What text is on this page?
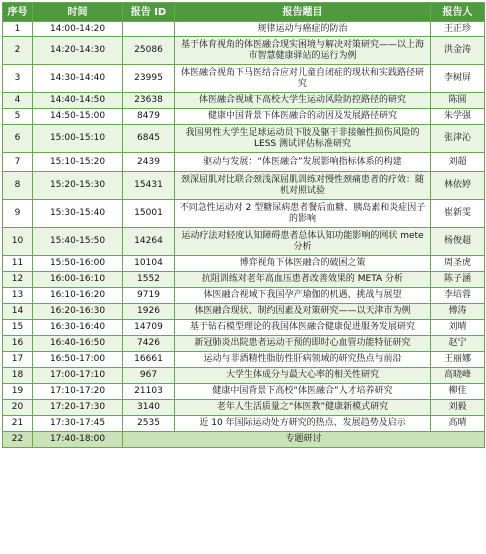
序号	时间	报告 ID	报告题目	报告人
1	14:00-14:20		规律运动与癌症的防治	王正珍
2	14:20-14:30	25086	基于体育视角的体医融合现实困境与解决对策研究——以上海市智慧健康驿站的运行为例	洪金涛
3	14:30-14:40	23995	体医融合视角下马医结合应对儿童自闭症的现状和实践路径研究	李树屏
4	14:40-14:50	23638	体医融合视域下高校大学生运动风险防控路径的研究	陈圆
5	14:50-15:00	8479	健康中国背景下体医融合的动因及发展路径研究	朱学强
6	15:00-15:10	6845	我国男性大学生足球运动员下肢及躯干非接触性损伤风险的 LESS 测试评估标准研究	张津沁
7	15:10-15:20	2439	驱动与发展：“体医融合”发展影响指标体系的构建	刘超
8	15:20-15:30	15431	颈深屈肌对比联合颈浅深屈肌训练对慢性颈痛患者的疗效：随机对照试验	林依婷
9	15:30-15:40	15001	不同急性运动对 2 型糖尿病患者餐后血糖、胰岛素和炎症因子的影响	崔新雯
10	15:40-15:50	14264	运动疗法对轻度认知障碍患者总体认知功能影响的网状 mete 分析	杨俊超
11	15:50-16:00	10104	博弈视角下体医融合的破困之策	周圣虎
12	16:00-16:10	1552	抗阻训练对老年高血压患者改善效果的 META 分析	陈子涵
13	16:10-16:20	9719	体医融合视域下我国孕产瑜伽的机遇、挑战与展望	李培蓉
14	16:20-16:30	1926	体医融合现状、制约因素及对策研究——以天津市为例	傅涛
15	16:30-16:40	14709	基于钻石模型理论的我国体医融合健康促进服务发展研究	刘晴
16	16:40-16:50	7426	新冠肺炎出院患者运动干预的即时心血管功能特征研究	赵宁
17	16:50-17:00	16661	运动与非酒精性脂肪性肝病领域的研究热点与前沿	王丽娜
18	17:00-17:10	967	大学生体成分与最大心率的相关性研究	高晓峰
19	17:10-17:20	21103	健康中国背景下高校“体医融合”人才培养研究	柳佳
20	17:20-17:30	3140	老年人生活质量之“体医教”健康新模式研究	刘毅
21	17:30-17:45	2535	近 10 年国际运动处方研究的热点、发展趋势及启示	高晴
22	17:40-18:00	专题研讨		
